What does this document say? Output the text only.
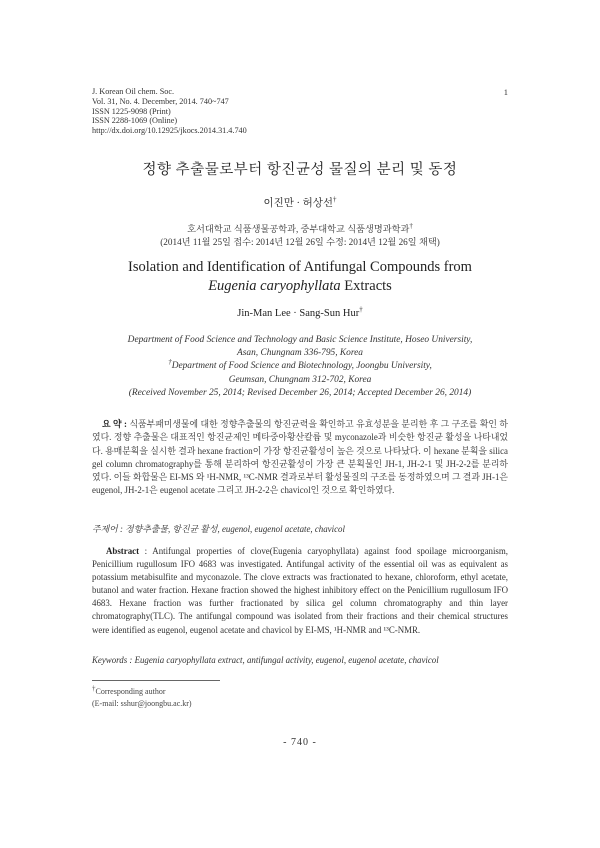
J. Korean Oil chem. Soc.
Vol. 31, No. 4. December, 2014. 740~747
ISSN 1225-9098 (Print)
ISSN 2288-1069 (Online)
http://dx.doi.org/10.12925/jkocs.2014.31.4.740
1
정향 추출물로부터 항진균성 물질의 분리 및 동정
이진만 · 허상선†
호서대학교 식품생물공학과, 중부대학교 식품생명과학과†
(2014년 11월 25일 접수: 2014년 12월 26일 수정: 2014년 12월 26일 채택)
Isolation and Identification of Antifungal Compounds from
Eugenia caryophyllata Extracts
Jin-Man Lee · Sang-Sun Hur†
Department of Food Science and Technology and Basic Science Institute, Hoseo University,
Asan, Chungnam 336-795, Korea
†Department of Food Science and Biotechnology, Joongbu University,
Geumsan, Chungnam 312-702, Korea
(Received November 25, 2014; Revised December 26, 2014; Accepted December 26, 2014)

요 약 : 식품부패미생물에 대한 정향추출물의 항진균력을 확인하고 유효성분을 분리한 후 그 구조를 확인 하였다. 정향 추출물은 대표적인 항진균제인 메타중아황산칼륨 및 myconazole과 비슷한 항진균 활성을 나타내었다. 용매분획을 실시한 결과 hexane fraction이 가장 항진균활성이 높은 것으로 나타났다. 이 hexane 분획을 silica gel column chromatography를 통해 분리하여 항진균활성이 가장 큰 분획물인 JH-1, JH-2-1 및 JH-2-2를 분리하였다. 이들 화합물은 EI-MS 와 ¹H-NMR, ¹³C-NMR 결과로부터 활성물질의 구조를 동정하였으며 그 결과 JH-1은 eugenol, JH-2-1은 eugenol acetate 그리고 JH-2-2은 chavicol인 것으로 확인하였다.

주제어 : 정향추출물, 항진균 활성, eugenol, eugenol acetate, chavicol

Abstract : Antifungal properties of clove(Eugenia caryophyllata) against food spoilage microorganism, Penicillium rugullosum IFO 4683 was investigated. Antifungal activity of the essential oil was as equivalent as potassium metabisulfite and myconazole. The clove extracts was fractionated to hexane, chloroform, ethyl acetate, butanol and water fraction. Hexane fraction showed the highest inhibitory effect on the Penicillium rugullosum IFO 4683. Hexane fraction was further fractionated by silica gel column chromatography and thin layer chromatography(TLC). The antifungal compound was isolated from their fractions and their chemical structures were identified as eugenol, eugenol acetate and chavicol by EI-MS, ¹H-NMR and ¹³C-NMR.

Keywords : Eugenia caryophyllata extract, antifungal activity, eugenol, eugenol acetate, chavicol
†Corresponding author
(E-mail: sshur@joongbu.ac.kr)
- 740 -
